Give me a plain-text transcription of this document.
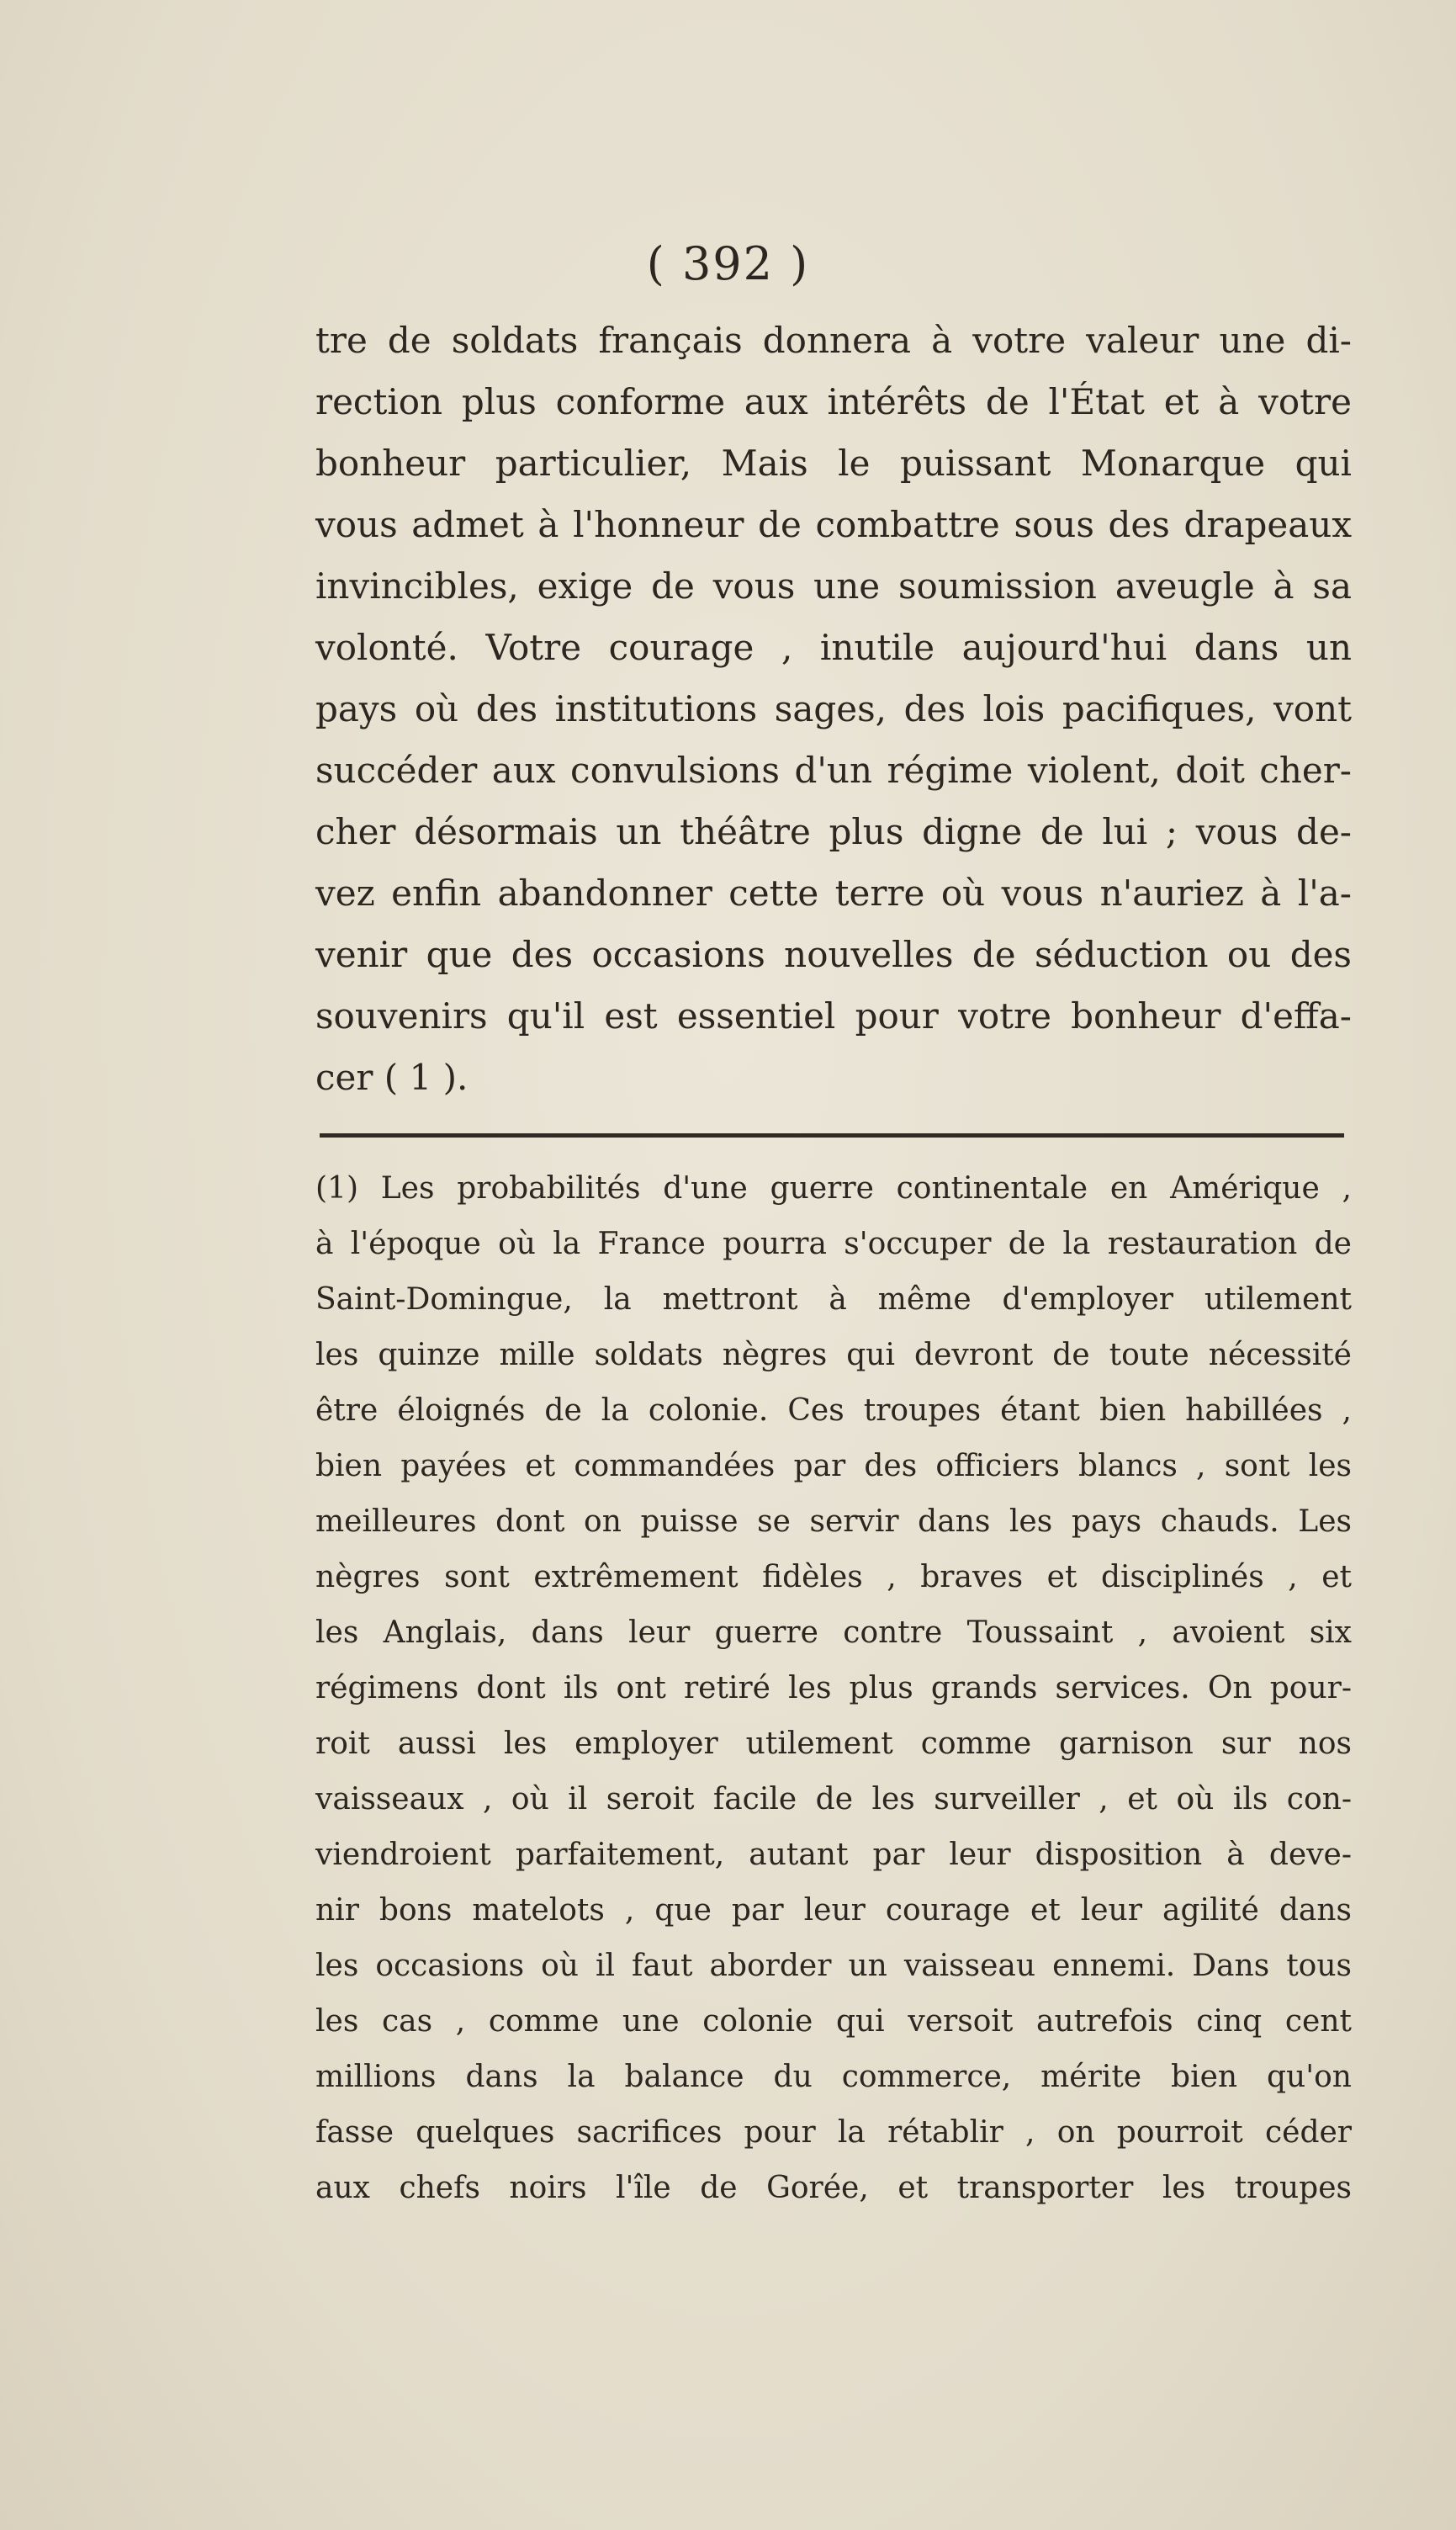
( 392 )
tre de soldats français donnera à votre valeur une di-
rection plus conforme aux intérêts de l'État et à votre
bonheur particulier, Mais le puissant Monarque qui
vous admet à l'honneur de combattre sous des drapeaux
invincibles, exige de vous une soumission aveugle à sa
volonté. Votre courage , inutile aujourd'hui dans un
pays où des institutions sages, des lois pacifiques, vont
succéder aux convulsions d'un régime violent, doit cher-
cher désormais un théâtre plus digne de lui ; vous de-
vez enfin abandonner cette terre où vous n'auriez à l'a-
venir que des occasions nouvelles de séduction ou des
souvenirs qu'il est essentiel pour votre bonheur d'effa-
cer ( 1 ).
(1) Les probabilités d'une guerre continentale en Amérique ,
à l'époque où la France pourra s'occuper de la restauration de
Saint-Domingue, la mettront à même d'employer utilement
les quinze mille soldats nègres qui devront de toute nécessité
être éloignés de la colonie. Ces troupes étant bien habillées ,
bien payées et commandées par des officiers blancs , sont les
meilleures dont on puisse se servir dans les pays chauds. Les
nègres sont extrêmement fidèles , braves et disciplinés , et
les Anglais, dans leur guerre contre Toussaint , avoient six
régimens dont ils ont retiré les plus grands services. On pour-
roit aussi les employer utilement comme garnison sur nos
vaisseaux , où il seroit facile de les surveiller , et où ils con-
viendroient parfaitement, autant par leur disposition à deve-
nir bons matelots , que par leur courage et leur agilité dans
les occasions où il faut aborder un vaisseau ennemi. Dans tous
les cas , comme une colonie qui versoit autrefois cinq cent
millions dans la balance du commerce, mérite bien qu'on
fasse quelques sacrifices pour la rétablir , on pourroit céder
aux chefs noirs l'île de Gorée, et transporter les troupes
